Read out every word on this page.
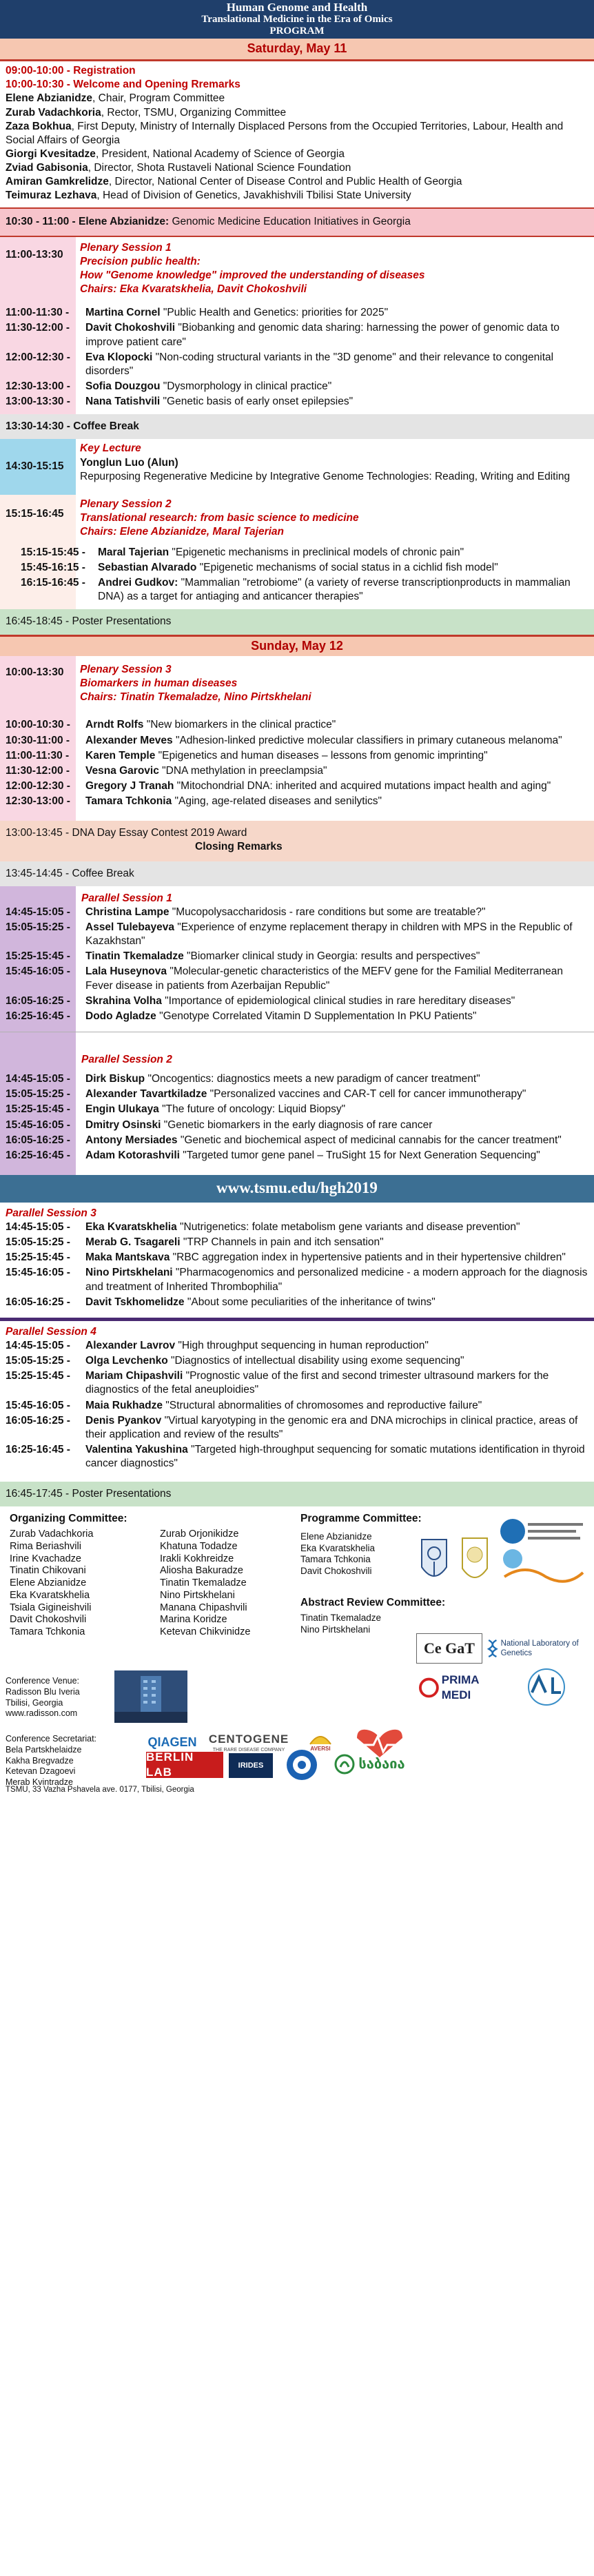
Human Genome and Health
Translational Medicine in the Era of Omics
PROGRAM
Saturday, May 11

09:00-10:00 - Registration

10:00-10:30 - Welcome and Opening Rremarks

Elene Abzianidze, Chair, Program Committee
Zurab Vadachkoria, Rector, TSMU, Organizing Committee
Zaza Bokhua, First Deputy, Ministry of Internally Displaced Persons from the Occupied Territories, Labour, Health and Social Affairs of Georgia
Giorgi Kvesitadze, President, National Academy of Science of Georgia
Zviad Gabisonia, Director, Shota Rustaveli National Science Foundation
Amiran Gamkrelidze, Director, National Center of Disease Control and Public Health of Georgia
Teimuraz Lezhava, Head of Division of Genetics, Javakhishvili Tbilisi State University
10:30 - 11:00 - Elene Abzianidze: Genomic Medicine Education Initiatives in Georgia
11:00-13:30
Plenary Session 1
Precision public health:
How "Genome knowledge" improved the understanding of diseases
Chairs: Eka Kvaratskhelia, Davit Chokoshvili
11:00-11:30 -	Martina Cornel "Public Health and Genetics: priorities for 2025"
11:30-12:00 -	Davit Chokoshvili "Biobanking and genomic data sharing: harnessing the power of genomic data to improve patient care"
12:00-12:30 -	Eva Klopocki "Non-coding structural variants in the "3D genome" and their relevance to congenital disorders"
12:30-13:00 -	Sofia Douzgou "Dysmorphology in clinical practice"
13:00-13:30 -	Nana Tatishvili "Genetic basis of early onset epilepsies"
13:30-14:30 - Coffee Break
14:30-15:15
Key Lecture
Yonglun Luo (Alun)
Repurposing Regenerative Medicine by Integrative Genome Technologies: Reading, Writing and Editing
15:15-16:45
Plenary Session 2
Translational research: from basic science to medicine
Chairs: Elene Abzianidze, Maral Tajerian
15:15-15:45 -	Maral Tajerian "Epigenetic mechanisms in preclinical models of chronic pain"
15:45-16:15 -	Sebastian Alvarado "Epigenetic mechanisms of social status in a cichlid fish model"
16:15-16:45 -	Andrei Gudkov: "Mammalian "retrobiome" (a variety of reverse transcriptionproducts in mammalian DNA) as a target for antiaging and anticancer therapies"
16:45-18:45 - Poster Presentations
Sunday, May 12
10:00-13:30	Plenary Session 3
Biomarkers in human diseases
Chairs: Tinatin Tkemaladze, Nino Pirtskhelani
10:00-10:30 -	Arndt Rolfs "New biomarkers in the clinical practice"
10:30-11:00 -	Alexander Meves "Adhesion-linked predictive molecular classifiers in primary cutaneous melanoma"
11:00-11:30 -	Karen Temple "Epigenetics and human diseases – lessons from genomic imprinting"
11:30-12:00 -	Vesna Garovic "DNA methylation in preeclampsia"
12:00-12:30 -	Gregory J Tranah "Mitochondrial DNA: inherited and acquired mutations impact health and aging"
12:30-13:00 -	Tamara Tchkonia "Aging, age-related diseases and senilytics"
13:00-13:45 - DNA Day Essay Contest 2019 Award
Closing Remarks
13:45-14:45 - Coffee Break
Parallel Session 1
14:45-15:05 -	Christina Lampe "Mucopolysaccharidosis - rare conditions but some are treatable?"
15:05-15:25 -	Assel Tulebayeva "Experience of enzyme replacement therapy in children with MPS in the Republic of Kazakhstan"
15:25-15:45 -	Tinatin Tkemaladze "Biomarker clinical study in Georgia: results and perspectives"
15:45-16:05 -	Lala Huseynova "Molecular-genetic characteristics of the MEFV gene for the Familial Mediterranean Fever disease in patients from Azerbaijan Republic"
16:05-16:25 -	Skrahina Volha "Importance of epidemiological clinical studies in rare hereditary diseases"
16:25-16:45 -	Dodo Agladze "Genotype Correlated Vitamin D Supplementation In PKU Patients"
Parallel Session 2
14:45-15:05 -	Dirk Biskup "Oncogentics: diagnostics meets a new paradigm of cancer treatment"
15:05-15:25 -	Alexander Tavartkiladze "Personalized vaccines and CAR-T cell for cancer immunotherapy"
15:25-15:45 -	Engin Ulukaya "The future of oncology: Liquid Biopsy"
15:45-16:05 -	Dmitry Osinski "Genetic biomarkers in the early diagnosis of rare cancer
16:05-16:25 -	Antony Mersiades "Genetic and biochemical aspect of medicinal cannabis for the cancer treatment"
16:25-16:45 -	Adam Kotorashvili "Targeted tumor gene panel – TruSight 15 for Next Generation Sequencing"
www.tsmu.edu/hgh2019
Parallel Session 3
14:45-15:05 -	Eka Kvaratskhelia "Nutrigenetics: folate metabolism gene variants and disease prevention"
15:05-15:25 -	Merab G. Tsagareli "TRP Channels in pain and itch sensation"
15:25-15:45 -	Maka Mantskava "RBC aggregation index in hypertensive patients and in their hypertensive children"
15:45-16:05 -	Nino Pirtskhelani "Pharmacogenomics and personalized medicine - a modern approach for the diagnosis and treatment of Inherited Thrombophilia"
16:05-16:25 -	Davit Tskhomelidze "About some peculiarities of the inheritance of twins"
Parallel Session 4
14:45-15:05 -	Alexander Lavrov "High throughput sequencing in human reproduction"
15:05-15:25 -	Olga Levchenko "Diagnostics of intellectual disability using exome sequencing"
15:25-15:45 -	Mariam Chipashvili "Prognostic value of the first and second trimester ultrasound markers for the diagnostics of the fetal aneuploidies"
15:45-16:05 -	Maia Rukhadze "Structural abnormalities of chromosomes and reproductive failure"
16:05-16:25 -	Denis Pyankov "Virtual karyotyping in the genomic era and DNA microchips in clinical practice, areas of their application and review of the results"
16:25-16:45 -	Valentina Yakushina "Targeted high-throughput sequencing for somatic mutations identification in thyroid cancer diagnostics"
16:45-17:45 - Poster Presentations
Organizing Committee:
Zurab Vadachkoria
Rima Beriashvili
Irine Kvachadze
Tinatin Chikovani
Elene Abzianidze
Eka Kvaratskhelia
Tsiala Gigineishvili
Davit Chokoshvili
Tamara Tchkonia
Zurab Orjonikidze
Khatuna Todadze
Irakli Kokhreidze
Aliosha Bakuradze
Tinatin Tkemaladze
Nino Pirtskhelani
Manana Chipashvili
Marina Koridze
Ketevan Chikvinidze
Programme Committee:
Elene Abzianidze
Eka Kvaratskhelia
Tamara Tchkonia
Davit Chokoshvili
Abstract Review Committee:
Tinatin Tkemaladze
Nino Pirtskhelani
Ce GaT	National Laboratory of Genetics
PRIMA MEDI
Conference Venue:
Radisson Blu Iveria
Tbilisi, Georgia
www.radisson.com
Conference Secretariat:
Bela Partskhelaidze
Kakha Bregvadze
Ketevan Dzagoevi
Merab Kvintradze
QIAGEN CENTOGENE
THE RARE DISEASE COMPANY	AVERSI
BERLIN LAB
IRIDES	საბაია
TSMU, 33 Vazha Pshavela ave. 0177, Tbilisi, Georgia
